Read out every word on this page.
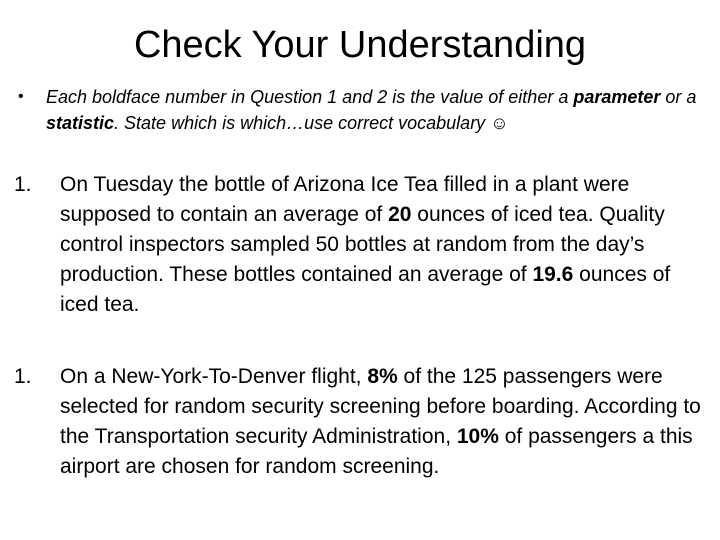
Check Your Understanding
• Each boldface number in Question 1 and 2 is the value of either a parameter or a statistic. State which is which…use correct vocabulary ☺
1. On Tuesday the bottle of Arizona Ice Tea filled in a plant were supposed to contain an average of 20 ounces of iced tea. Quality control inspectors sampled 50 bottles at random from the day’s production. These bottles contained an average of 19.6 ounces of iced tea.
1. On a New-York-To-Denver flight, 8% of the 125 passengers were selected for random security screening before boarding. According to the Transportation security Administration, 10% of passengers a this airport are chosen for random screening.
